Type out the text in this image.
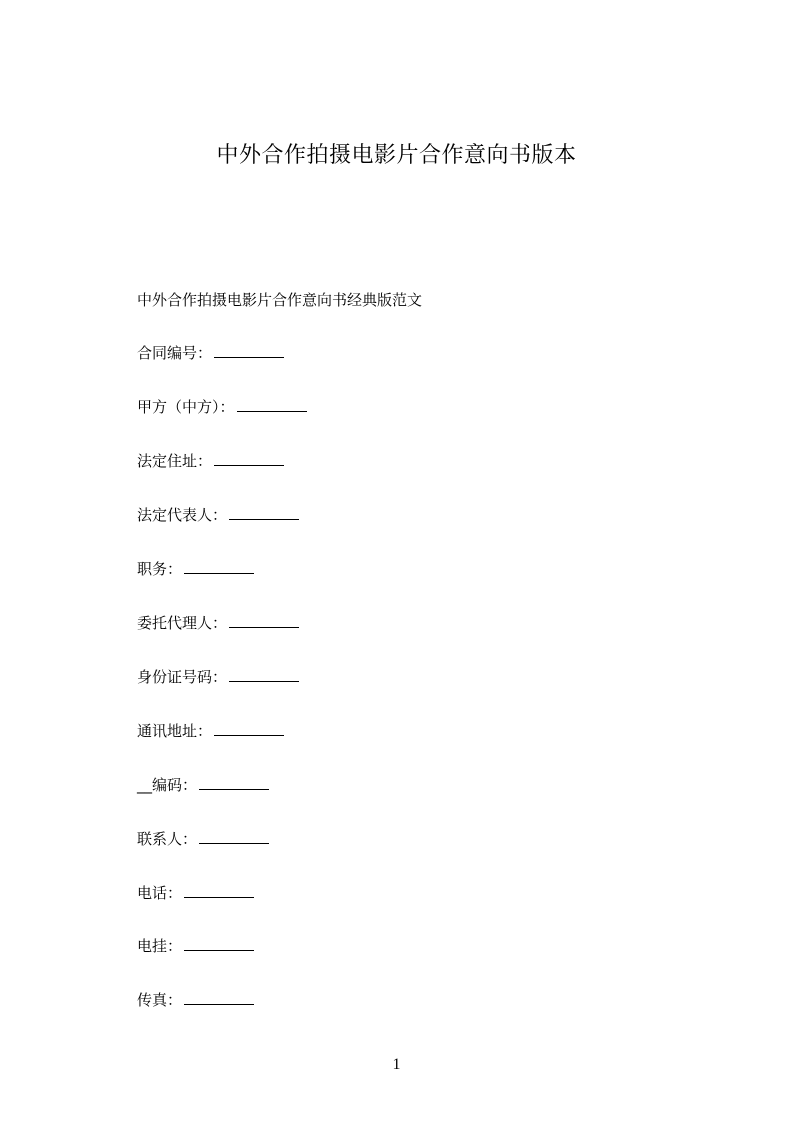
中外合作拍摄电影片合作意向书版本

中外合作拍摄电影片合作意向书经典版范文

合同编号：
甲方（中方）：
法定住址：
法定代表人：
职务：
委托代理人：
身份证号码：
通讯地址：
__编码：
联系人：
电话：
电挂：
传真：
1
